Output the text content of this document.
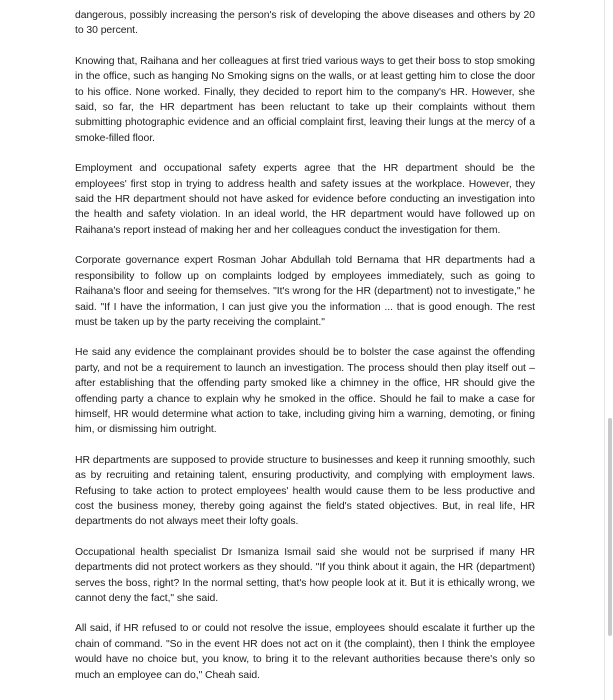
dangerous, possibly increasing the person's risk of developing the above diseases and others by 20 to 30 percent.

Knowing that, Raihana and her colleagues at first tried various ways to get their boss to stop smoking in the office, such as hanging No Smoking signs on the walls, or at least getting him to close the door to his office. None worked. Finally, they decided to report him to the company's HR. However, she said, so far, the HR department has been reluctant to take up their complaints without them submitting photographic evidence and an official complaint first, leaving their lungs at the mercy of a smoke-filled floor.

Employment and occupational safety experts agree that the HR department should be the employees' first stop in trying to address health and safety issues at the workplace. However, they said the HR department should not have asked for evidence before conducting an investigation into the health and safety violation. In an ideal world, the HR department would have followed up on Raihana's report instead of making her and her colleagues conduct the investigation for them.

Corporate governance expert Rosman Johar Abdullah told Bernama that HR departments had a responsibility to follow up on complaints lodged by employees immediately, such as going to Raihana's floor and seeing for themselves. "It's wrong for the HR (department) not to investigate," he said. "If I have the information, I can just give you the information ... that is good enough. The rest must be taken up by the party receiving the complaint."

He said any evidence the complainant provides should be to bolster the case against the offending party, and not be a requirement to launch an investigation. The process should then play itself out – after establishing that the offending party smoked like a chimney in the office, HR should give the offending party a chance to explain why he smoked in the office. Should he fail to make a case for himself, HR would determine what action to take, including giving him a warning, demoting, or fining him, or dismissing him outright.

HR departments are supposed to provide structure to businesses and keep it running smoothly, such as by recruiting and retaining talent, ensuring productivity, and complying with employment laws. Refusing to take action to protect employees' health would cause them to be less productive and cost the business money, thereby going against the field's stated objectives. But, in real life, HR departments do not always meet their lofty goals.

Occupational health specialist Dr Ismaniza Ismail said she would not be surprised if many HR departments did not protect workers as they should. "If you think about it again, the HR (department) serves the boss, right? In the normal setting, that's how people look at it. But it is ethically wrong, we cannot deny the fact," she said.

All said, if HR refused to or could not resolve the issue, employees should escalate it further up the chain of command. "So in the event HR does not act on it (the complaint), then I think the employee would have no choice but, you know, to bring it to the relevant authorities because there's only so much an employee can do," Cheah said.
